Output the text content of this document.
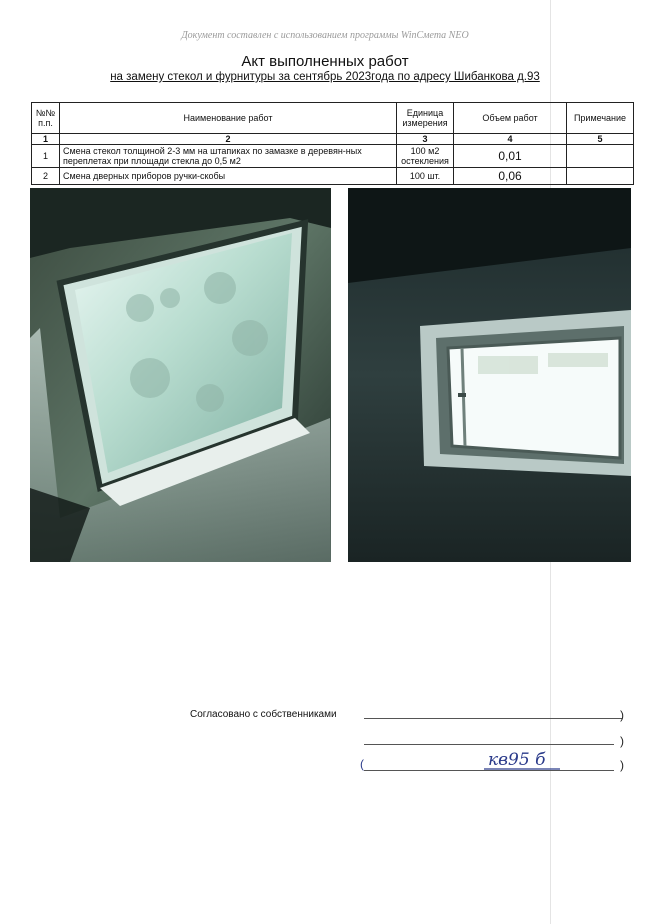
Документ составлен с использованием программы WinСмета NEO
Акт выполненных работ
на замену стекол и фурнитуры за сентябрь 2023года по адресу Шибанкова д.93
№№ п.п.	Наименование работ	Единица измерения	Объем работ	Примечание
1	2	3	4	5
1	Смена стекол толщиной 2-3 мм на штапиках по замазке в деревян-ных переплетах при площади стекла до 0,5 м2	100 м2 остекления	0,01	
2	Смена дверных приборов ручки-скобы	100 шт.	0,06	
Согласовано с собственниками	)
)
(	)
кв95 б
